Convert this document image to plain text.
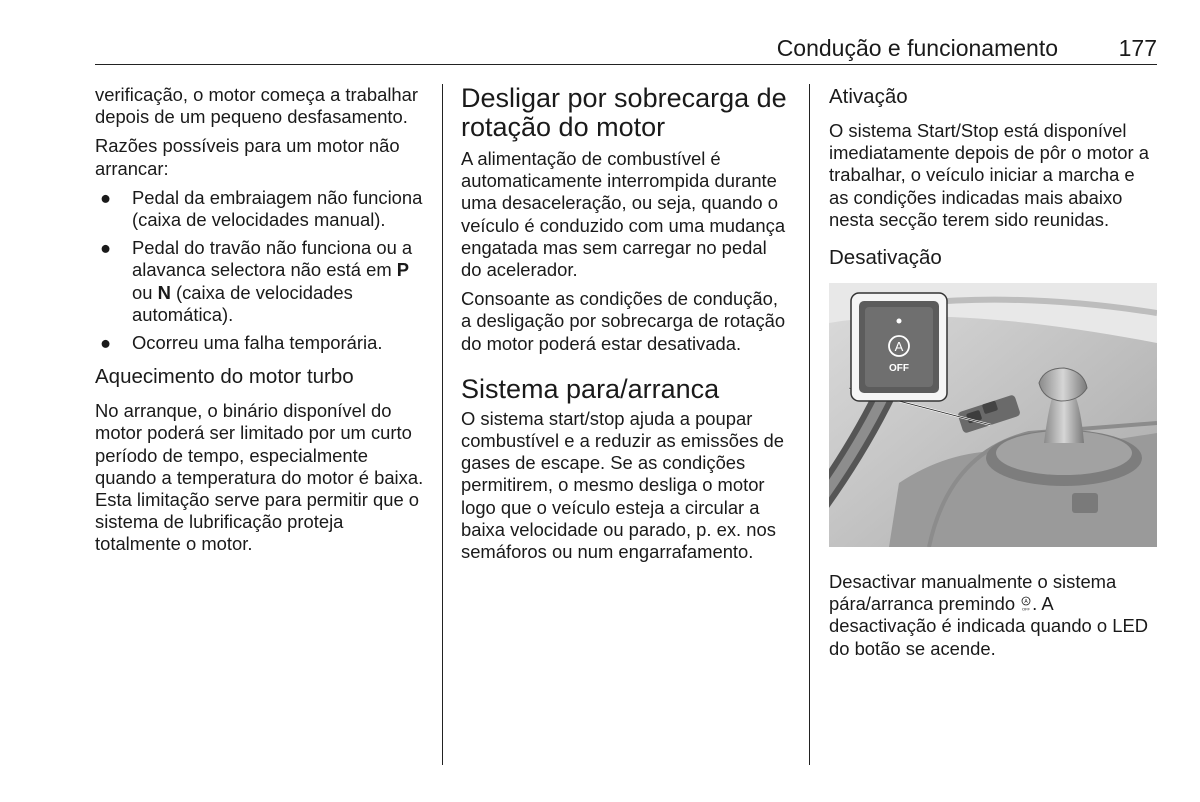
Condução e funcionamento	177

verificação, o motor começa a trabalhar depois de um pequeno desfasamento.

Razões possíveis para um motor não arrancar:

● Pedal da embraiagem não funciona (caixa de velocidades manual).
● Pedal do travão não funciona ou a alavanca selectora não está em P ou N (caixa de velocidades automática).
● Ocorreu uma falha temporária.
Aquecimento do motor turbo

No arranque, o binário disponível do motor poderá ser limitado por um curto período de tempo, especialmente quando a temperatura do motor é baixa. Esta limitação serve para permitir que o sistema de lubrificação proteja totalmente o motor.

Desligar por sobrecarga de rotação do motor

A alimentação de combustível é automaticamente interrompida durante uma desaceleração, ou seja, quando o veículo é conduzido com uma mudança engatada mas sem carregar no pedal do acelerador.

Consoante as condições de condução, a desligação por sobrecarga de rotação do motor poderá estar desativada.

Sistema para/arranca

O sistema start/stop ajuda a poupar combustível e a reduzir as emissões de gases de escape. Se as condições permitirem, o mesmo desliga o motor logo que o veículo esteja a circular a baixa velocidade ou parado, p. ex. nos semáforos ou num engarrafamento.

Ativação

O sistema Start/Stop está disponível imediatamente depois de pôr o motor a trabalhar, o veículo iniciar a marcha e as condições indicadas mais abaixo nesta secção terem sido reunidas.

Desativação
A
OFF

Desactivar manualmente o sistema pára/arranca premindo A
OFF . A desactivação é indicada quando o LED do botão se acende.
